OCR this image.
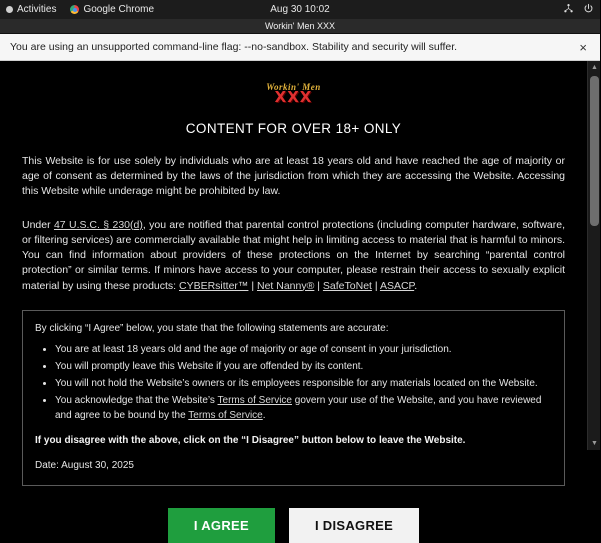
Activities	Google Chrome	Aug 30 10:02
Workin' Men XXX
You are using an unsupported command-line flag: --no-sandbox. Stability and security will suffer.	×
Workin' Men
XXX
CONTENT FOR OVER 18+ ONLY

This Website is for use solely by individuals who are at least 18 years old and have reached the age of majority or age of consent as determined by the laws of the jurisdiction from which they are accessing the Website. Accessing this Website while underage might be prohibited by law.

Under 47 U.S.C. § 230(d), you are notified that parental control protections (including computer hardware, software, or filtering services) are commercially available that might help in limiting access to material that is harmful to minors. You can find information about providers of these protections on the Internet by searching “parental control protection” or similar terms. If minors have access to your computer, please restrain their access to sexually explicit material by using these products: CYBERsitter™ | Net Nanny® | SafeToNet | ASACP.

By clicking “I Agree” below, you state that the following statements are accurate:

• You are at least 18 years old and the age of majority or age of consent in your jurisdiction.
• You will promptly leave this Website if you are offended by its content.
• You will not hold the Website’s owners or its employees responsible for any materials located on the Website.
• You acknowledge that the Website’s Terms of Service govern your use of the Website, and you have reviewed and agree to be bound by the Terms of Service.

If you disagree with the above, click on the “I Disagree” button below to leave the Website.

Date: August 30, 2025

I AGREE	I DISAGREE
▲
▼
